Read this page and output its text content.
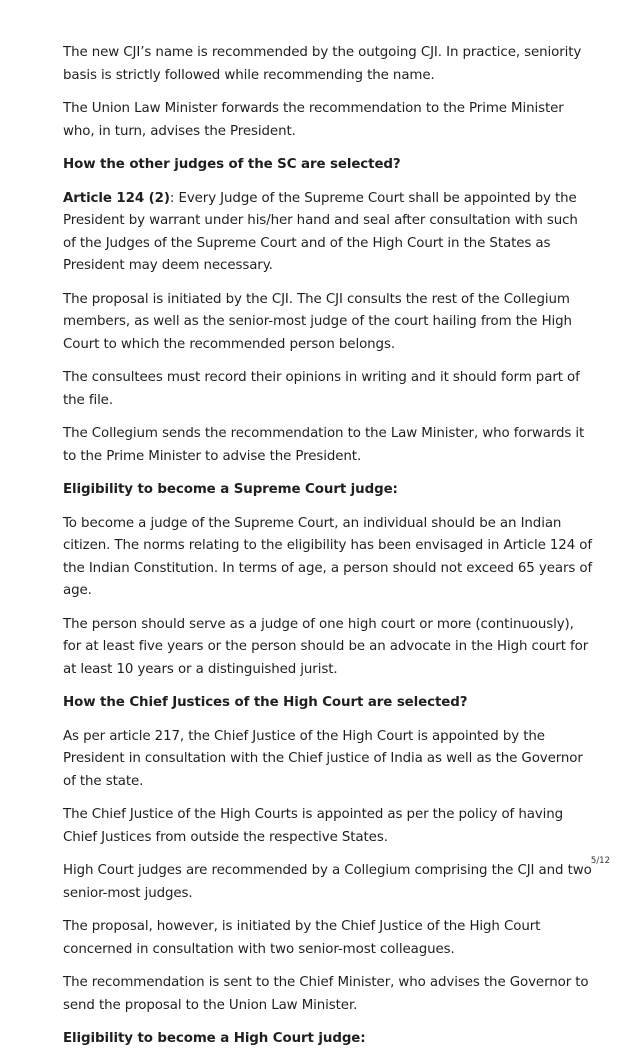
The new CJI’s name is recommended by the outgoing CJI. In practice, seniority basis is strictly followed while recommending the name.

The Union Law Minister forwards the recommendation to the Prime Minister who, in turn, advises the President.

How the other judges of the SC are selected?

Article 124 (2): Every Judge of the Supreme Court shall be appointed by the President by warrant under his/her hand and seal after consultation with such of the Judges of the Supreme Court and of the High Court in the States as President may deem necessary.

The proposal is initiated by the CJI. The CJI consults the rest of the Collegium members, as well as the senior-most judge of the court hailing from the High Court to which the recommended person belongs.

The consultees must record their opinions in writing and it should form part of the file.

The Collegium sends the recommendation to the Law Minister, who forwards it to the Prime Minister to advise the President.

Eligibility to become a Supreme Court judge:

To become a judge of the Supreme Court, an individual should be an Indian citizen. The norms relating to the eligibility has been envisaged in Article 124 of the Indian Constitution. In terms of age, a person should not exceed 65 years of age.

The person should serve as a judge of one high court or more (continuously), for at least five years or the person should be an advocate in the High court for at least 10 years or a distinguished jurist.

How the Chief Justices of the High Court are selected?

As per article 217, the Chief Justice of the High Court is appointed by the President in consultation with the Chief justice of India as well as the Governor of the state.

The Chief Justice of the High Courts is appointed as per the policy of having Chief Justices from outside the respective States.

High Court judges are recommended by a Collegium comprising the CJI and two senior-most judges.

The proposal, however, is initiated by the Chief Justice of the High Court concerned in consultation with two senior-most colleagues.

The recommendation is sent to the Chief Minister, who advises the Governor to send the proposal to the Union Law Minister.

Eligibility to become a High Court judge:

5/12
